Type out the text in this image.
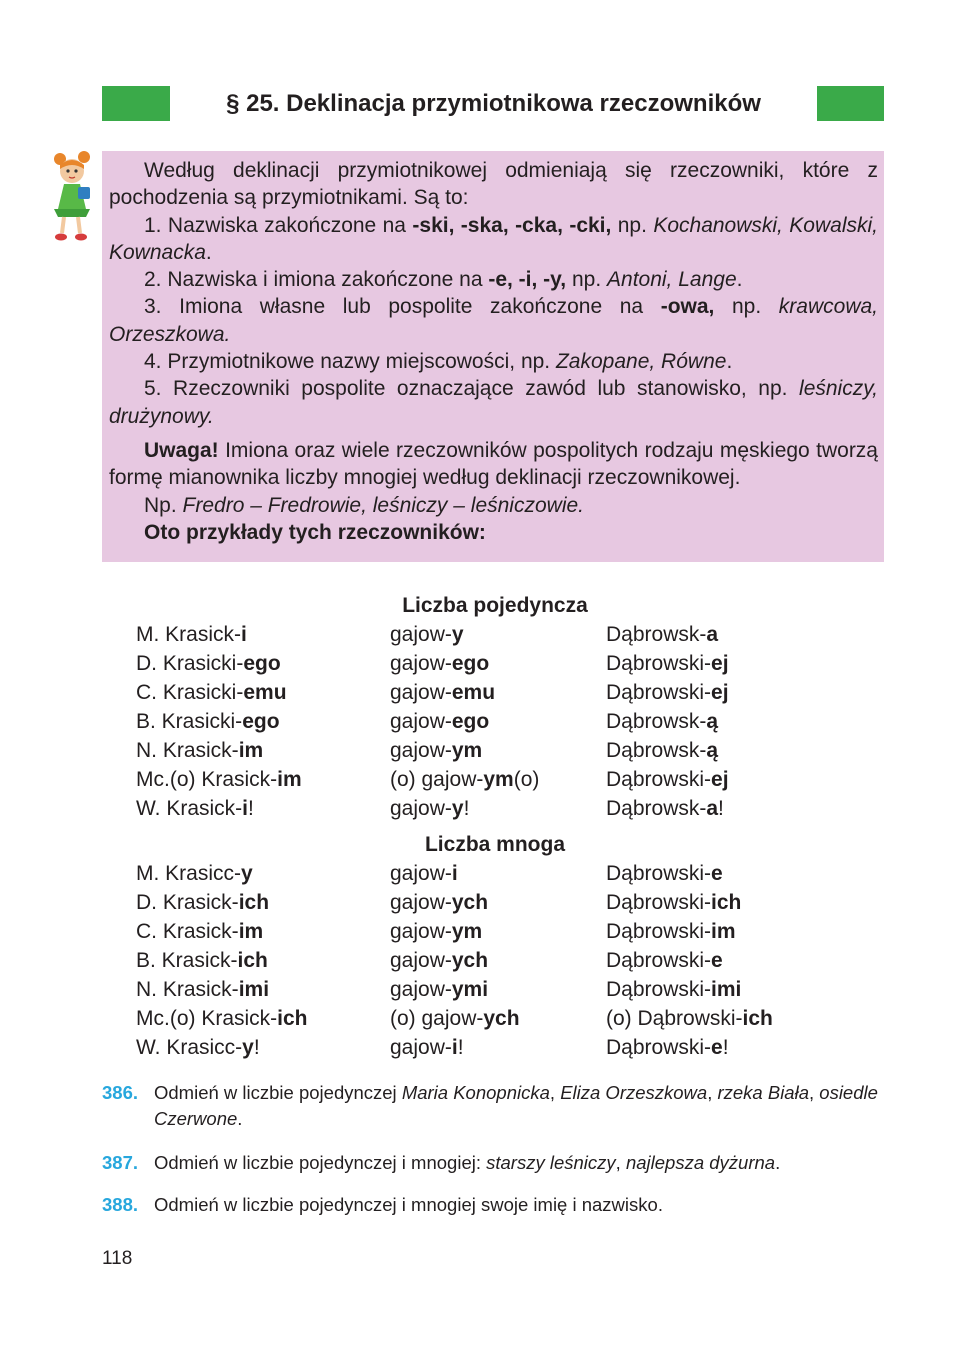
§ 25. Deklinacja przymiotnikowa rzeczowników

Według deklinacji przymiotnikowej odmieniają się rzeczowniki, które z pochodzenia są przymiotnikami. Są to:

1. Nazwiska zakończone na -ski, -ska, -cka, -cki, np. Kochanowski, Kowalski, Kownacka.

2. Nazwiska i imiona zakończone na -e, -i, -y, np. Antoni, Lange.

3. Imiona własne lub pospolite zakończone na -owa, np. krawcowa, Orzeszkowa.

4. Przymiotnikowe nazwy miejscowości, np. Zakopane, Równe.

5. Rzeczowniki pospolite oznaczające zawód lub stanowisko, np. leśniczy, drużynowy.

Uwaga! Imiona oraz wiele rzeczowników pospolitych rodzaju męskiego tworzą formę mianownika liczby mnogiej według deklinacji rzeczownikowej.

Np. Fredro – Fredrowie, leśniczy – leśniczowie.

Oto przykłady tych rzeczowników:

Liczba pojedyncza
M. Krasick-i	gajow-y	Dąbrowsk-a
D. Krasicki-ego	gajow-ego	Dąbrowski-ej
C. Krasicki-emu	gajow-emu	Dąbrowski-ej
B. Krasicki-ego	gajow-ego	Dąbrowsk-ą
N. Krasick-im	gajow-ym	Dąbrowsk-ą
Mc.(o) Krasick-im	(o) gajow-ym(o)	Dąbrowski-ej
W. Krasick-i!	gajow-y!	Dąbrowsk-a!
Liczba mnoga
M. Krasicc-y	gajow-i	Dąbrowski-e
D. Krasick-ich	gajow-ych	Dąbrowski-ich
C. Krasick-im	gajow-ym	Dąbrowski-im
B. Krasick-ich	gajow-ych	Dąbrowski-e
N. Krasick-imi	gajow-ymi	Dąbrowski-imi
Mc.(o) Krasick-ich	(o) gajow-ych	(o) Dąbrowski-ich
W. Krasicc-y!	gajow-i!	Dąbrowski-e!
386. Odmień w liczbie pojedynczej Maria Konopnicka, Eliza Orzeszkowa, rzeka Biała, osiedle Czerwone.
387. Odmień w liczbie pojedynczej i mnogiej: starszy leśniczy, najlepsza dyżurna.
388. Odmień w liczbie pojedynczej i mnogiej swoje imię i nazwisko.
118
